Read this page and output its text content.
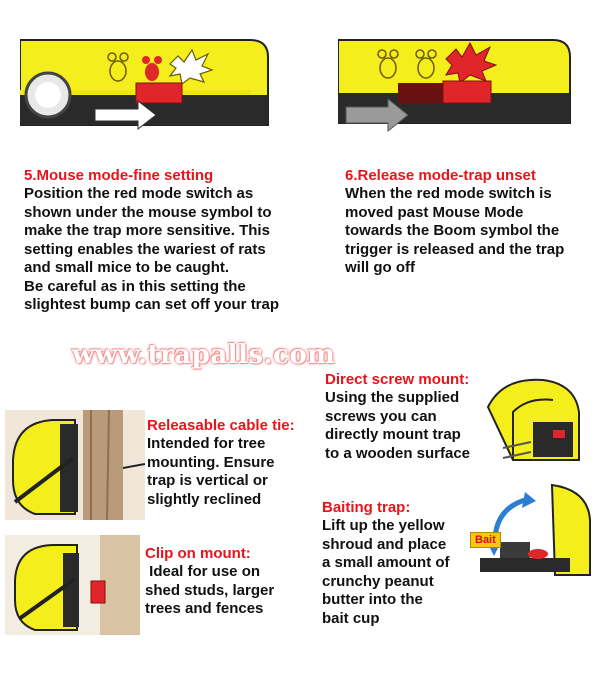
5.Mouse mode-fine setting
Position the red mode switch as
shown under the mouse symbol to
make the trap more sensitive. This
setting enables the wariest of rats
and small mice to be caught.
Be careful as in this setting the
slightest bump can set off your trap
6.Release mode-trap unset
When the red mode switch is
moved past Mouse Mode
towards the Boom symbol the
trigger is released and the trap
will go off
www.trapalls.com
Direct screw mount:
Using the supplied
screws you can
directly mount trap
to a wooden surface
Releasable cable tie:
Intended for tree
mounting. Ensure
trap is vertical or
slightly reclined	Baiting trap:
Lift up the yellow
shroud and place
a small amount of
crunchy peanut
butter into the
bait cup
Bait
Clip on mount:
Ideal for use on
shed studs, larger
trees and fences
